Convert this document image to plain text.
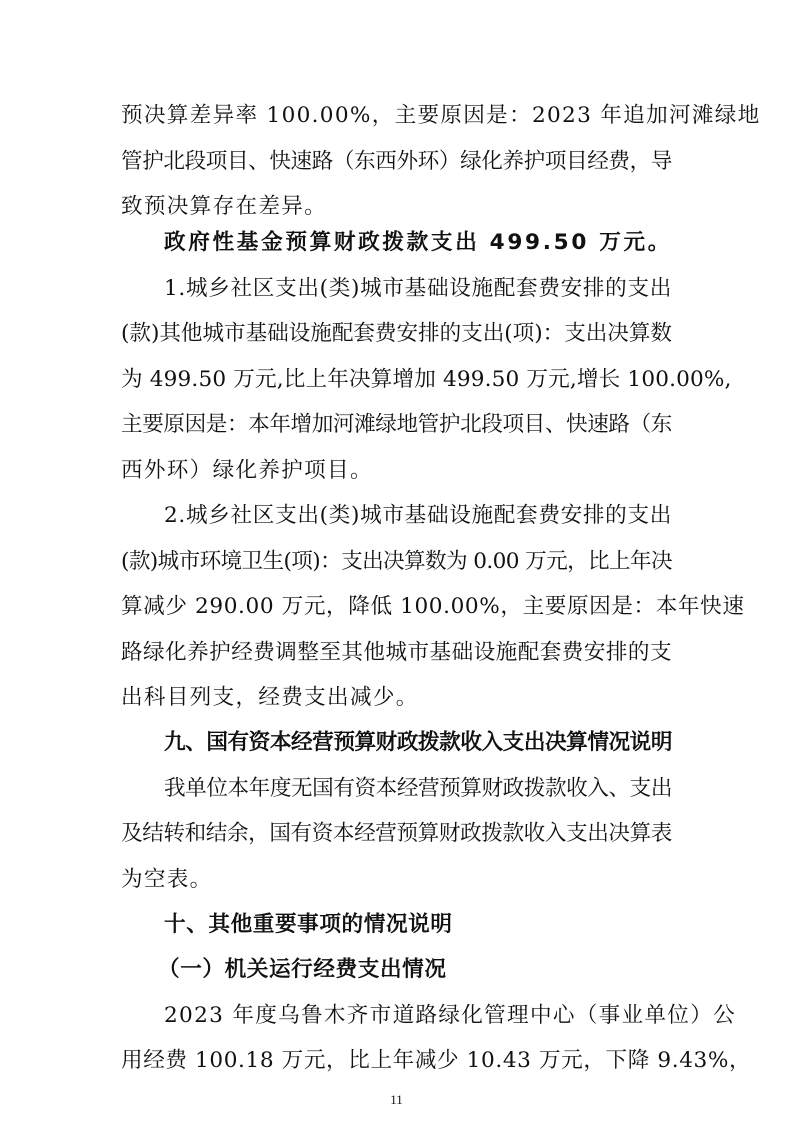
预决算差异率 100.00%，主要原因是：2023 年追加河滩绿地
管护北段项目、快速路（东西外环）绿化养护项目经费，导
致预决算存在差异。
政府性基金预算财政拨款支出 499.50 万元。
1.城乡社区支出(类)城市基础设施配套费安排的支出
(款)其他城市基础设施配套费安排的支出(项)：支出决算数
为 499.50 万元,比上年决算增加 499.50 万元,增长 100.00%,
主要原因是：本年增加河滩绿地管护北段项目、快速路（东
西外环）绿化养护项目。
2.城乡社区支出(类)城市基础设施配套费安排的支出
(款)城市环境卫生(项)：支出决算数为 0.00 万元，比上年决
算减少 290.00 万元，降低 100.00%，主要原因是：本年快速
路绿化养护经费调整至其他城市基础设施配套费安排的支
出科目列支，经费支出减少。
九、国有资本经营预算财政拨款收入支出决算情况说明
我单位本年度无国有资本经营预算财政拨款收入、支出
及结转和结余，国有资本经营预算财政拨款收入支出决算表
为空表。
十、其他重要事项的情况说明
（一）机关运行经费支出情况
2023 年度乌鲁木齐市道路绿化管理中心（事业单位）公
用经费 100.18 万元，比上年减少 10.43 万元，下降 9.43%，
11
